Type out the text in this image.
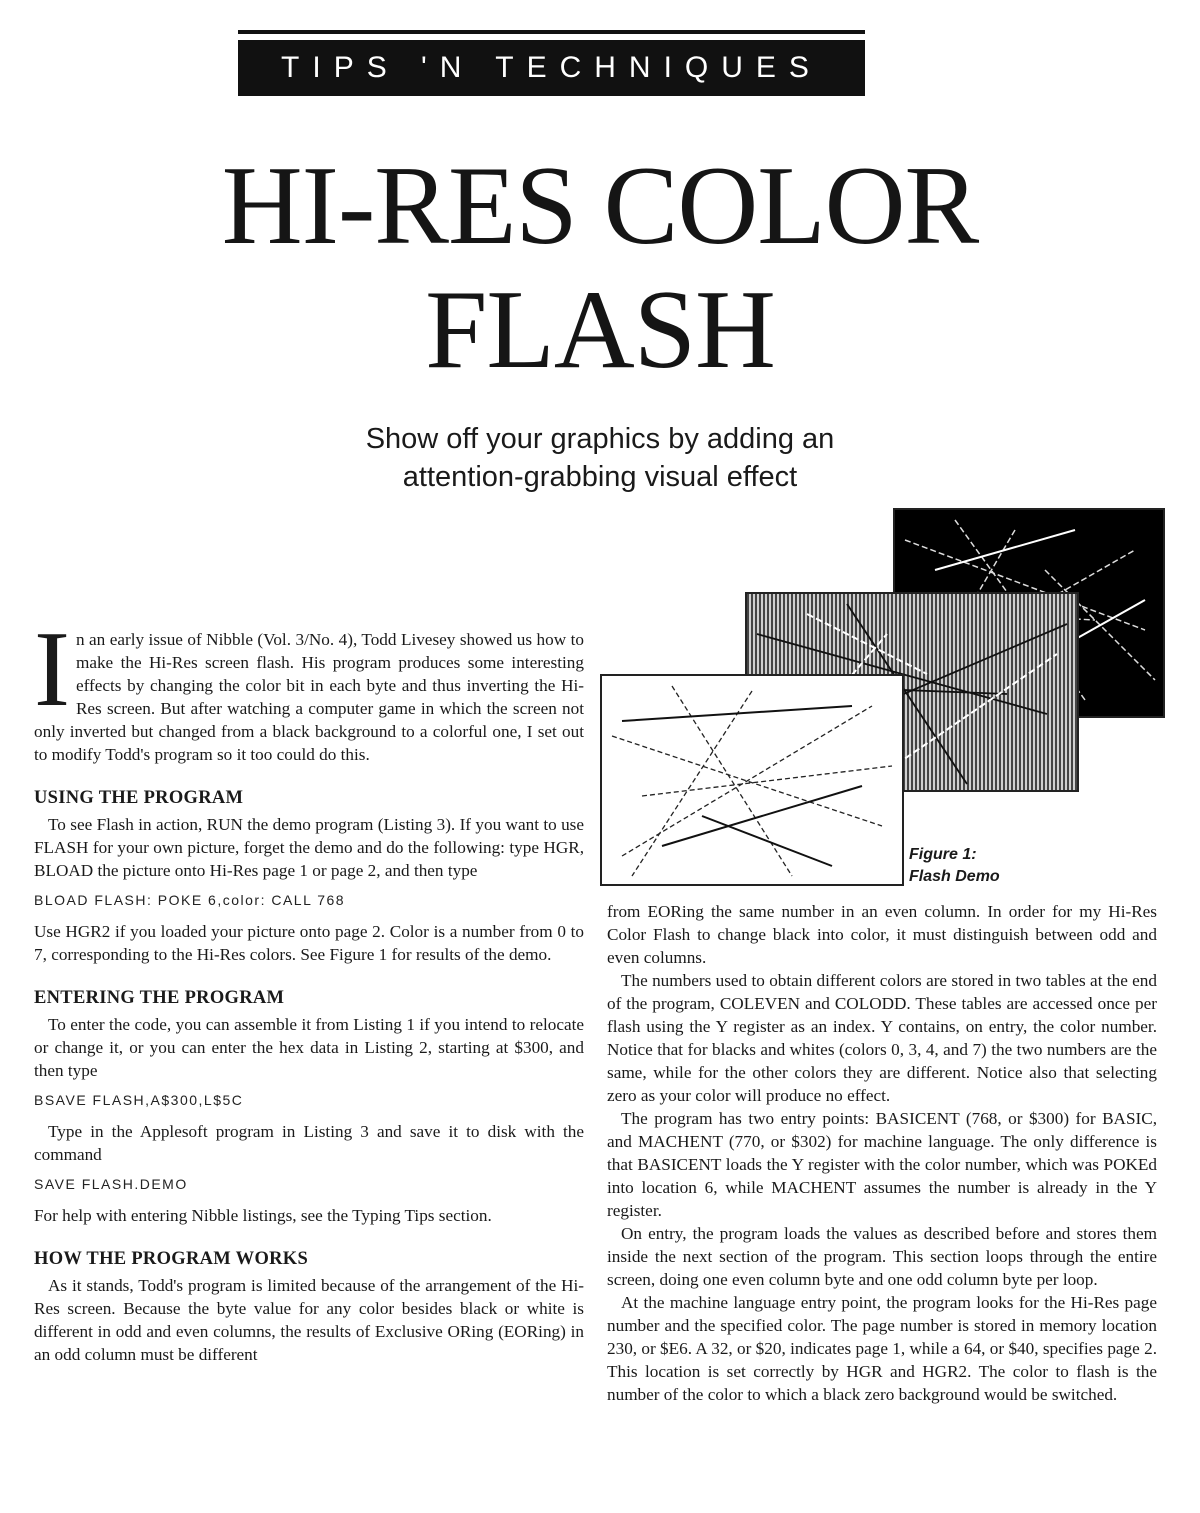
TIPS 'N TECHNIQUES
HI-RES COLOR
FLASH
Show off your graphics by adding an
attention-grabbing visual effect
Figure 1:
Flash Demo

In an early issue of Nibble (Vol. 3/No. 4), Todd Livesey showed us how to make the Hi-Res screen flash. His program produces some interesting effects by changing the color bit in each byte and thus inverting the Hi-Res screen. But after watching a computer game in which the screen not only inverted but changed from a black background to a colorful one, I set out to modify Todd's program so it too could do this.

USING THE PROGRAM

To see Flash in action, RUN the demo program (Listing 3). If you want to use FLASH for your own picture, forget the demo and do the following: type HGR, BLOAD the picture onto Hi-Res page 1 or page 2, and then type

BLOAD FLASH: POKE 6,color: CALL 768

Use HGR2 if you loaded your picture onto page 2. Color is a number from 0 to 7, corresponding to the Hi-Res colors. See Figure 1 for results of the demo.

ENTERING THE PROGRAM

To enter the code, you can assemble it from Listing 1 if you intend to relocate or change it, or you can enter the hex data in Listing 2, starting at $300, and then type

BSAVE FLASH,A$300,L$5C

Type in the Applesoft program in Listing 3 and save it to disk with the command

SAVE FLASH.DEMO

For help with entering Nibble listings, see the Typing Tips section.

HOW THE PROGRAM WORKS

As it stands, Todd's program is limited because of the arrangement of the Hi-Res screen. Because the byte value for any color besides black or white is different in odd and even columns, the results of Exclusive ORing (EORing) in an odd column must be different

from EORing the same number in an even column. In order for my Hi-Res Color Flash to change black into color, it must distinguish between odd and even columns.

The numbers used to obtain different colors are stored in two tables at the end of the program, COLEVEN and COLODD. These tables are accessed once per flash using the Y register as an index. Y contains, on entry, the color number. Notice that for blacks and whites (colors 0, 3, 4, and 7) the two numbers are the same, while for the other colors they are different. Notice also that selecting zero as your color will produce no effect.

The program has two entry points: BASICENT (768, or $300) for BASIC, and MACHENT (770, or $302) for machine language. The only difference is that BASICENT loads the Y register with the color number, which was POKEd into location 6, while MACHENT assumes the number is already in the Y register.

On entry, the program loads the values as described before and stores them inside the next section of the program. This section loops through the entire screen, doing one even column byte and one odd column byte per loop.

At the machine language entry point, the program looks for the Hi-Res page number and the specified color. The page number is stored in memory location 230, or $E6. A 32, or $20, indicates page 1, while a 64, or $40, specifies page 2. This location is set correctly by HGR and HGR2. The color to flash is the number of the color to which a black zero background would be switched.
